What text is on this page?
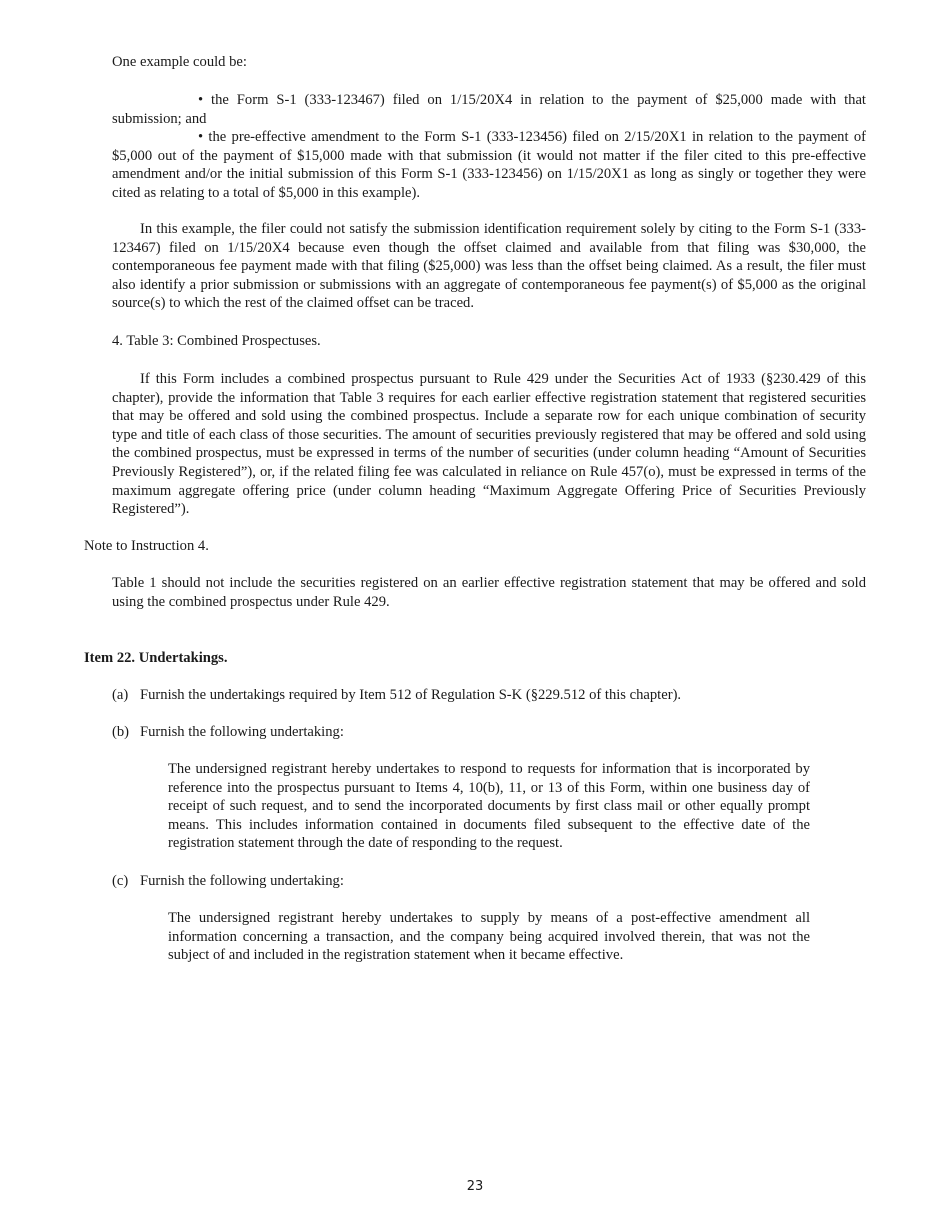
One example could be:

• the Form S-1 (333-123467) filed on 1/15/20X4 in relation to the payment of $25,000 made with that submission; and

• the pre-effective amendment to the Form S-1 (333-123456) filed on 2/15/20X1 in relation to the payment of $5,000 out of the payment of $15,000 made with that submission (it would not matter if the filer cited to this pre-effective amendment and/or the initial submission of this Form S-1 (333-123456) on 1/15/20X1 as long as singly or together they were cited as relating to a total of $5,000 in this example).

In this example, the filer could not satisfy the submission identification requirement solely by citing to the Form S-1 (333-123467) filed on 1/15/20X4 because even though the offset claimed and available from that filing was $30,000, the contemporaneous fee payment made with that filing ($25,000) was less than the offset being claimed. As a result, the filer must also identify a prior submission or submissions with an aggregate of contemporaneous fee payment(s) of $5,000 as the original source(s) to which the rest of the claimed offset can be traced.

4. Table 3: Combined Prospectuses.

If this Form includes a combined prospectus pursuant to Rule 429 under the Securities Act of 1933 (§230.429 of this chapter), provide the information that Table 3 requires for each earlier effective registration statement that registered securities that may be offered and sold using the combined prospectus. Include a separate row for each unique combination of security type and title of each class of those securities. The amount of securities previously registered that may be offered and sold using the combined prospectus, must be expressed in terms of the number of securities (under column heading “Amount of Securities Previously Registered”), or, if the related filing fee was calculated in reliance on Rule 457(o), must be expressed in terms of the maximum aggregate offering price (under column heading “Maximum Aggregate Offering Price of Securities Previously Registered”).

Note to Instruction 4.

Table 1 should not include the securities registered on an earlier effective registration statement that may be offered and sold using the combined prospectus under Rule 429.

Item 22. Undertakings.

(a) Furnish the undertakings required by Item 512 of Regulation S-K (§229.512 of this chapter).

(b) Furnish the following undertaking:

The undersigned registrant hereby undertakes to respond to requests for information that is incorporated by reference into the prospectus pursuant to Items 4, 10(b), 11, or 13 of this Form, within one business day of receipt of such request, and to send the incorporated documents by first class mail or other equally prompt means. This includes information contained in documents filed subsequent to the effective date of the registration statement through the date of responding to the request.

(c) Furnish the following undertaking:

The undersigned registrant hereby undertakes to supply by means of a post-effective amendment all information concerning a transaction, and the company being acquired involved therein, that was not the subject of and included in the registration statement when it became effective.

23
